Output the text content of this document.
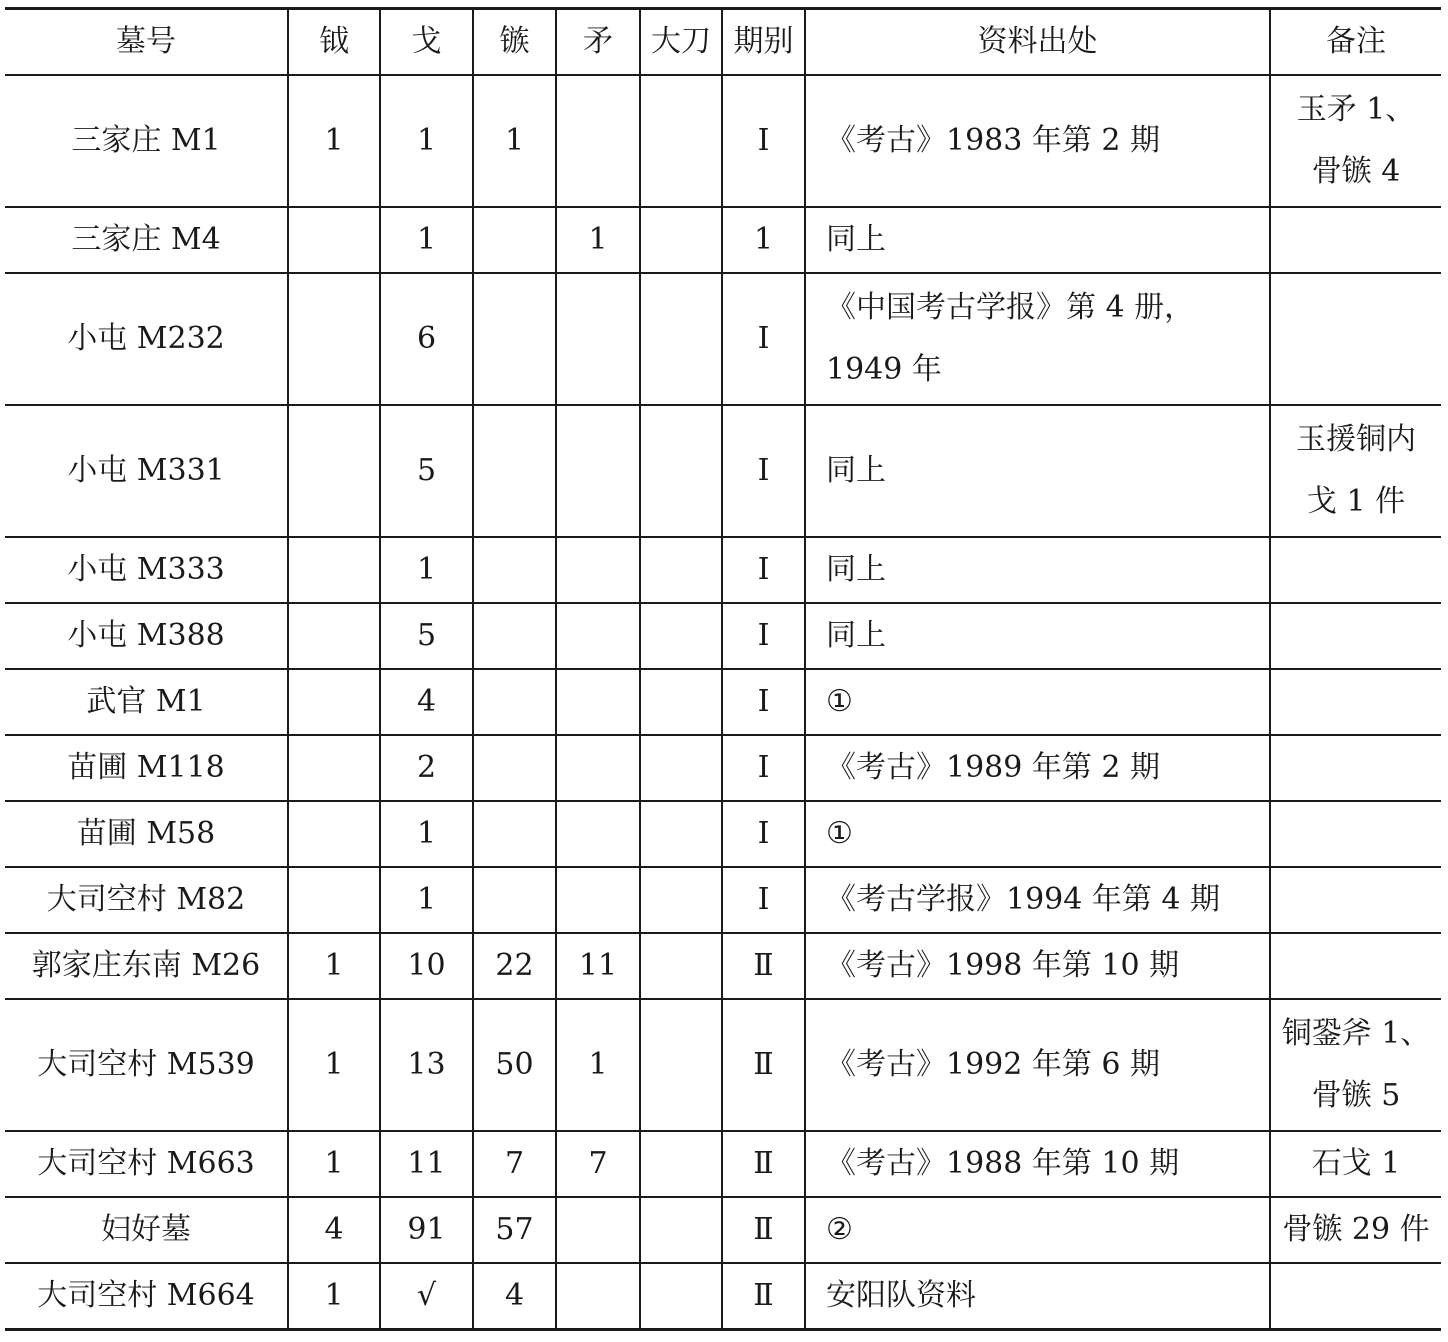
墓号	钺	戈	镞	矛	大刀	期别	资料出处	备注
三家庄 M1	1	1	1			Ⅰ	《考古》1983 年第 2 期	玉矛 1、
骨镞 4

三家庄 M4		1		1		1	同上	

小屯 M232		6				Ⅰ	《中国考古学报》第 4 册，
1949 年	

小屯 M331		5				Ⅰ	同上	玉援铜内
戈 1 件

小屯 M333		1				Ⅰ	同上	

小屯 M388		5				Ⅰ	同上	

武官 M1		4				Ⅰ	①	

苗圃 M118		2				Ⅰ	《考古》1989 年第 2 期	

苗圃 M58		1				Ⅰ	①	

大司空村 M82		1				Ⅰ	《考古学报》1994 年第 4 期	

郭家庄东南 M26	1	10	22	11		Ⅱ	《考古》1998 年第 10 期	

大司空村 M539	1	13	50	1		Ⅱ	《考古》1992 年第 6 期	铜銎斧 1、
骨镞 5

大司空村 M663	1	11	7	7		Ⅱ	《考古》1988 年第 10 期	石戈 1

妇好墓	4	91	57			Ⅱ	②	骨镞 29 件

大司空村 M664	1	√	4			Ⅱ	安阳队资料	
